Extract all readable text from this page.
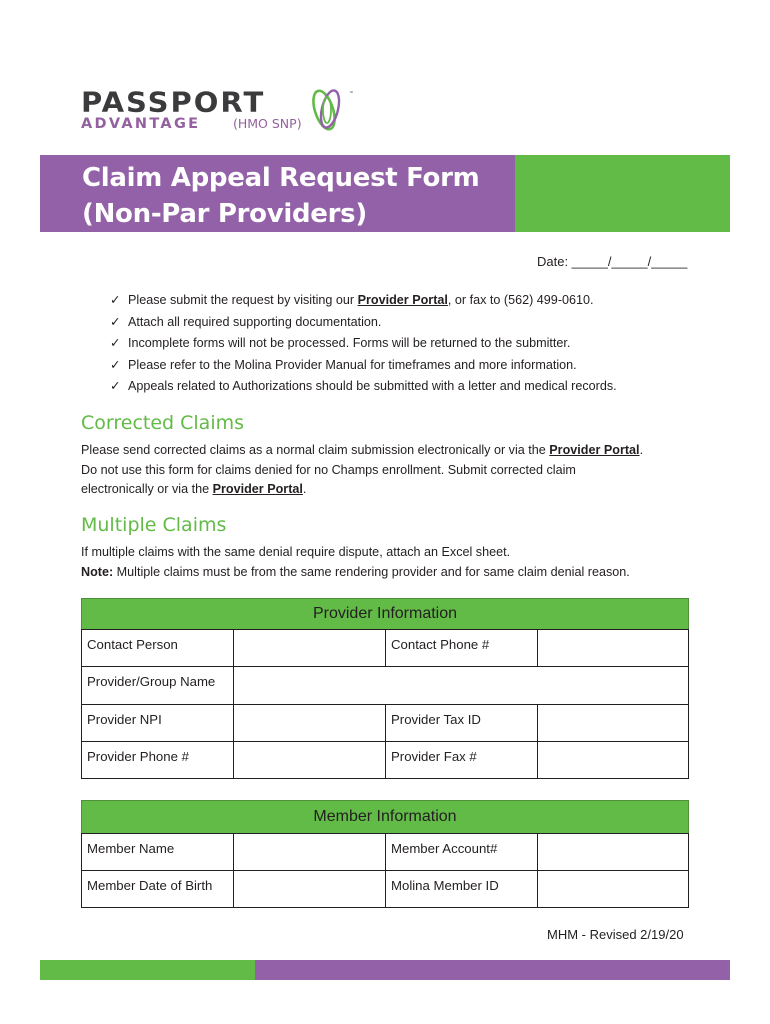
PASSPORT
ADVANTAGE	(HMO SNP)
™
Claim Appeal Request Form
(Non-Par Providers)
Date: _____/_____/_____
✓ Please submit the request by visiting our Provider Portal, or fax to (562) 499-0610.
✓ Attach all required supporting documentation.
✓ Incomplete forms will not be processed. Forms will be returned to the submitter.
✓ Please refer to the Molina Provider Manual for timeframes and more information.
✓ Appeals related to Authorizations should be submitted with a letter and medical records.
Corrected Claims
Please send corrected claims as a normal claim submission electronically or via the Provider Portal.
Do not use this form for claims denied for no Champs enrollment. Submit corrected claim
electronically or via the Provider Portal.
Multiple Claims
If multiple claims with the same denial require dispute, attach an Excel sheet.
Note: Multiple claims must be from the same rendering provider and for same claim denial reason.
Provider Information
Contact Person	Contact Phone #
Provider/Group Name
Provider NPI	Provider Tax ID
Provider Phone #	Provider Fax #
Member Information
Member Name	Member Account#
Member Date of Birth	Molina Member ID
MHM - Revised 2/19/20
